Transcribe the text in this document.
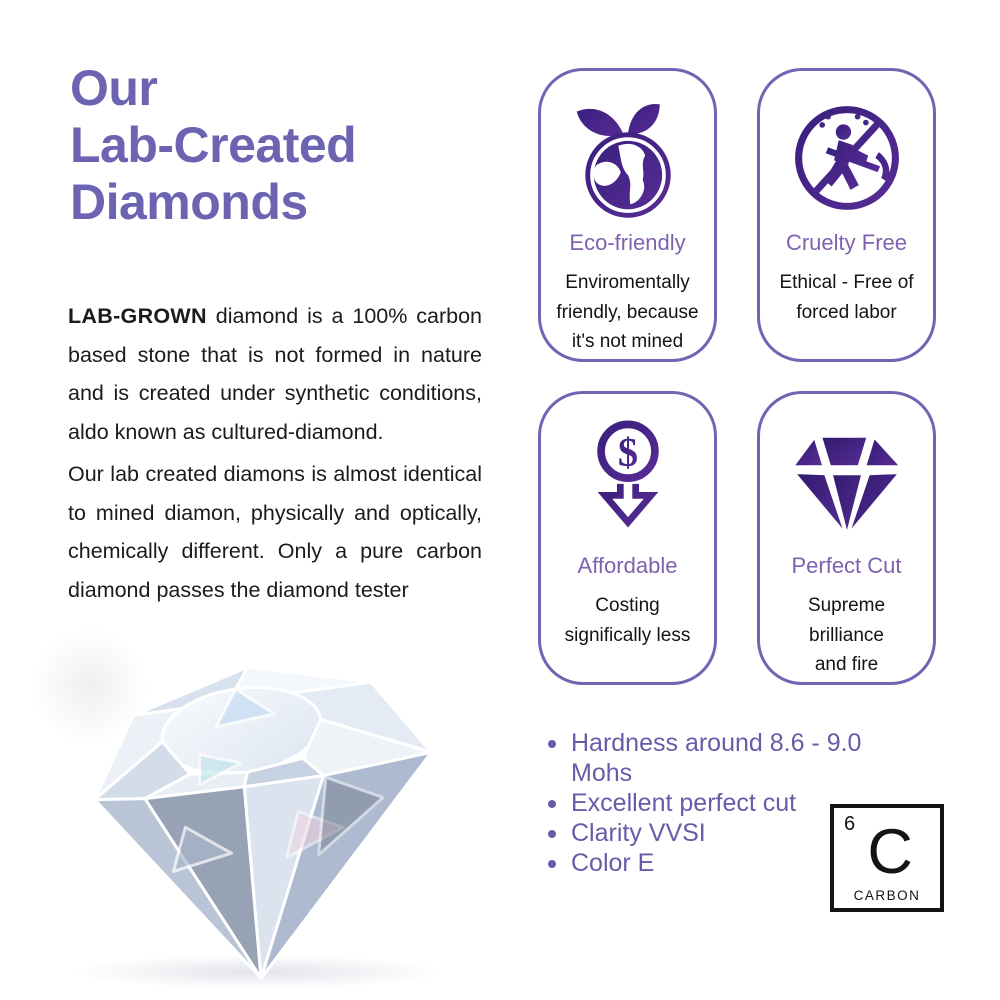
Our
Lab-Created
Diamonds

LAB-GROWN diamond is a 100% carbon based stone that is not formed in nature and is created under synthetic conditions, aldo known as cultured-diamond.

Our lab created diamons is almost identical to mined diamon, physically and optically, chemically different. Only a pure carbon diamond passes the diamond tester

Eco-friendly
Enviromentally friendly, because it's not mined
Cruelty Free
Ethical - Free of forced labor
$
Affordable
Costing significally less
Perfect Cut
Supreme brilliance and fire
Hardness around 8.6 - 9.0 Mohs
Excellent perfect cut
Clarity VVSI
Color E
6 C
CARBON
